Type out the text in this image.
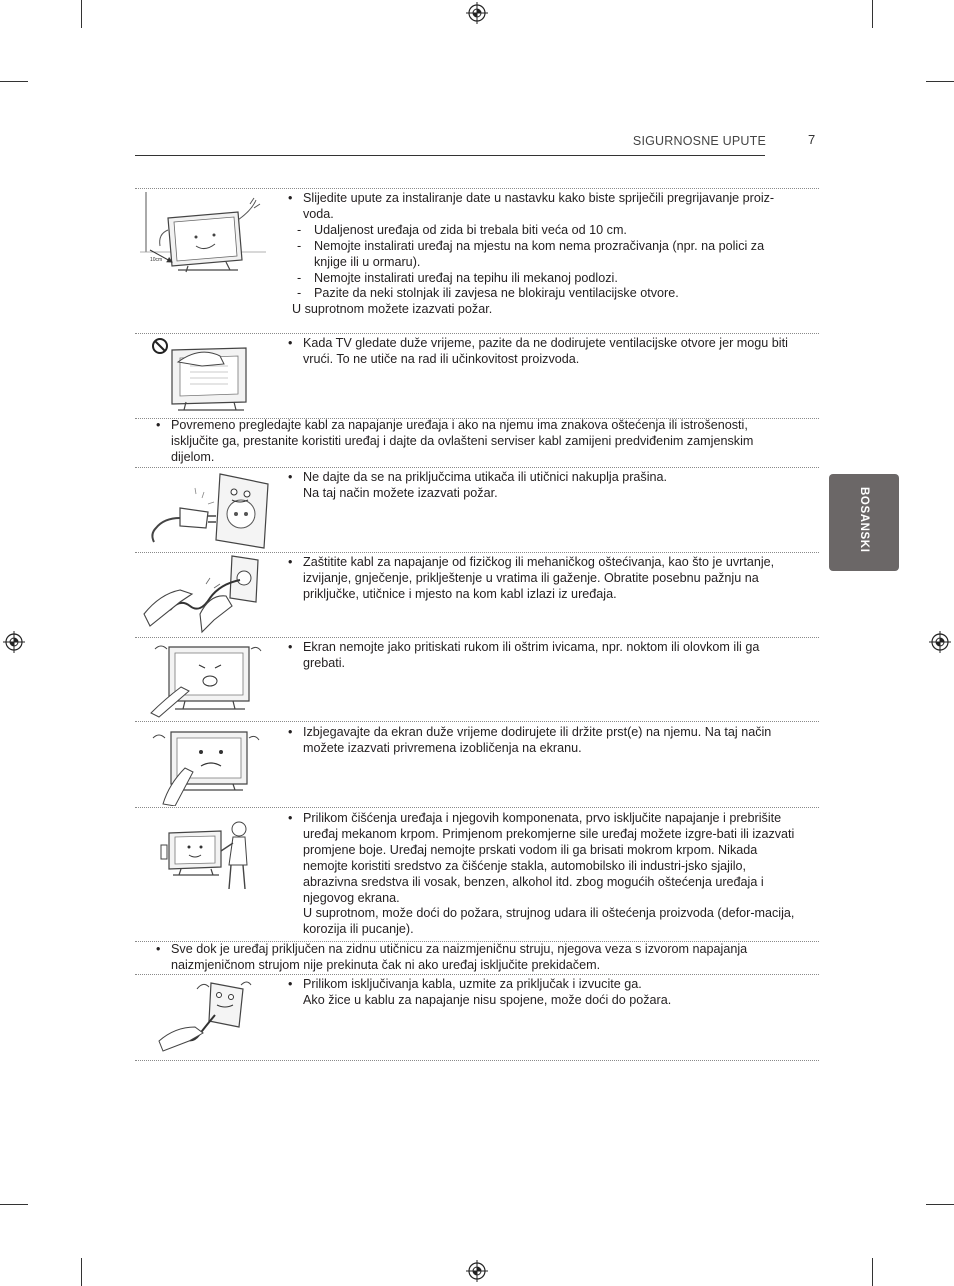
SIGURNOSNE UPUTE	7
BOSANSKI
10cm
• Slijedite upute za instaliranje date u nastavku kako biste spriječili pregrijavanje proiz-voda.
- Udaljenost uređaja od zida bi trebala biti veća od 10 cm.
- Nemojte instalirati uređaj na mjestu na kom nema prozračivanja (npr. na polici za knjige ili u ormaru).
- Nemojte instalirati uređaj na tepihu ili mekanoj podlozi.
- Pazite da neki stolnjak ili zavjesa ne blokiraju ventilacijske otvore.
U suprotnom možete izazvati požar.
• Kada TV gledate duže vrijeme, pazite da ne dodirujete ventilacijske otvore jer mogu biti vrući. To ne utiče na rad ili učinkovitost proizvoda.
• Povremeno pregledajte kabl za napajanje uređaja i ako na njemu ima znakova oštećenja ili istrošenosti, isključite ga, prestanite koristiti uređaj i dajte da ovlašteni serviser kabl zamijeni predviđenim zamjenskim dijelom.
• Ne dajte da se na priključcima utikača ili utičnici nakuplja prašina.
Na taj način možete izazvati požar.
• Zaštitite kabl za napajanje od fizičkog ili mehaničkog oštećivanja, kao što je uvrtanje, izvijanje, gnječenje, priklještenje u vratima ili gaženje. Obratite posebnu pažnju na priključke, utičnice i mjesto na kom kabl izlazi iz uređaja.
• Ekran nemojte jako pritiskati rukom ili oštrim ivicama, npr. noktom ili olovkom ili ga grebati.
• Izbjegavajte da ekran duže vrijeme dodirujete ili držite prst(e) na njemu. Na taj način možete izazvati privremena izobličenja na ekranu.
• Prilikom čišćenja uređaja i njegovih komponenata, prvo isključite napajanje i prebrišite uređaj mekanom krpom. Primjenom prekomjerne sile uređaj možete izgre-bati ili izazvati promjene boje. Uređaj nemojte prskati vodom ili ga brisati mokrom krpom. Nikada nemojte koristiti sredstvo za čišćenje stakla, automobilsko ili industri-jsko sjajilo, abrazivna sredstva ili vosak, benzen, alkohol itd. zbog mogućih oštećenja uređaja i njegovog ekrana.
U suprotnom, može doći do požara, strujnog udara ili oštećenja proizvoda (defor-macija, korozija ili pucanje).
• Sve dok je uređaj priključen na zidnu utičnicu za naizmjeničnu struju, njegova veza s izvorom napajanja naizmjeničnom strujom nije prekinuta čak ni ako uređaj isključite prekidačem.
• Prilikom isključivanja kabla, uzmite za priključak i izvucite ga.
Ako žice u kablu za napajanje nisu spojene, može doći do požara.
